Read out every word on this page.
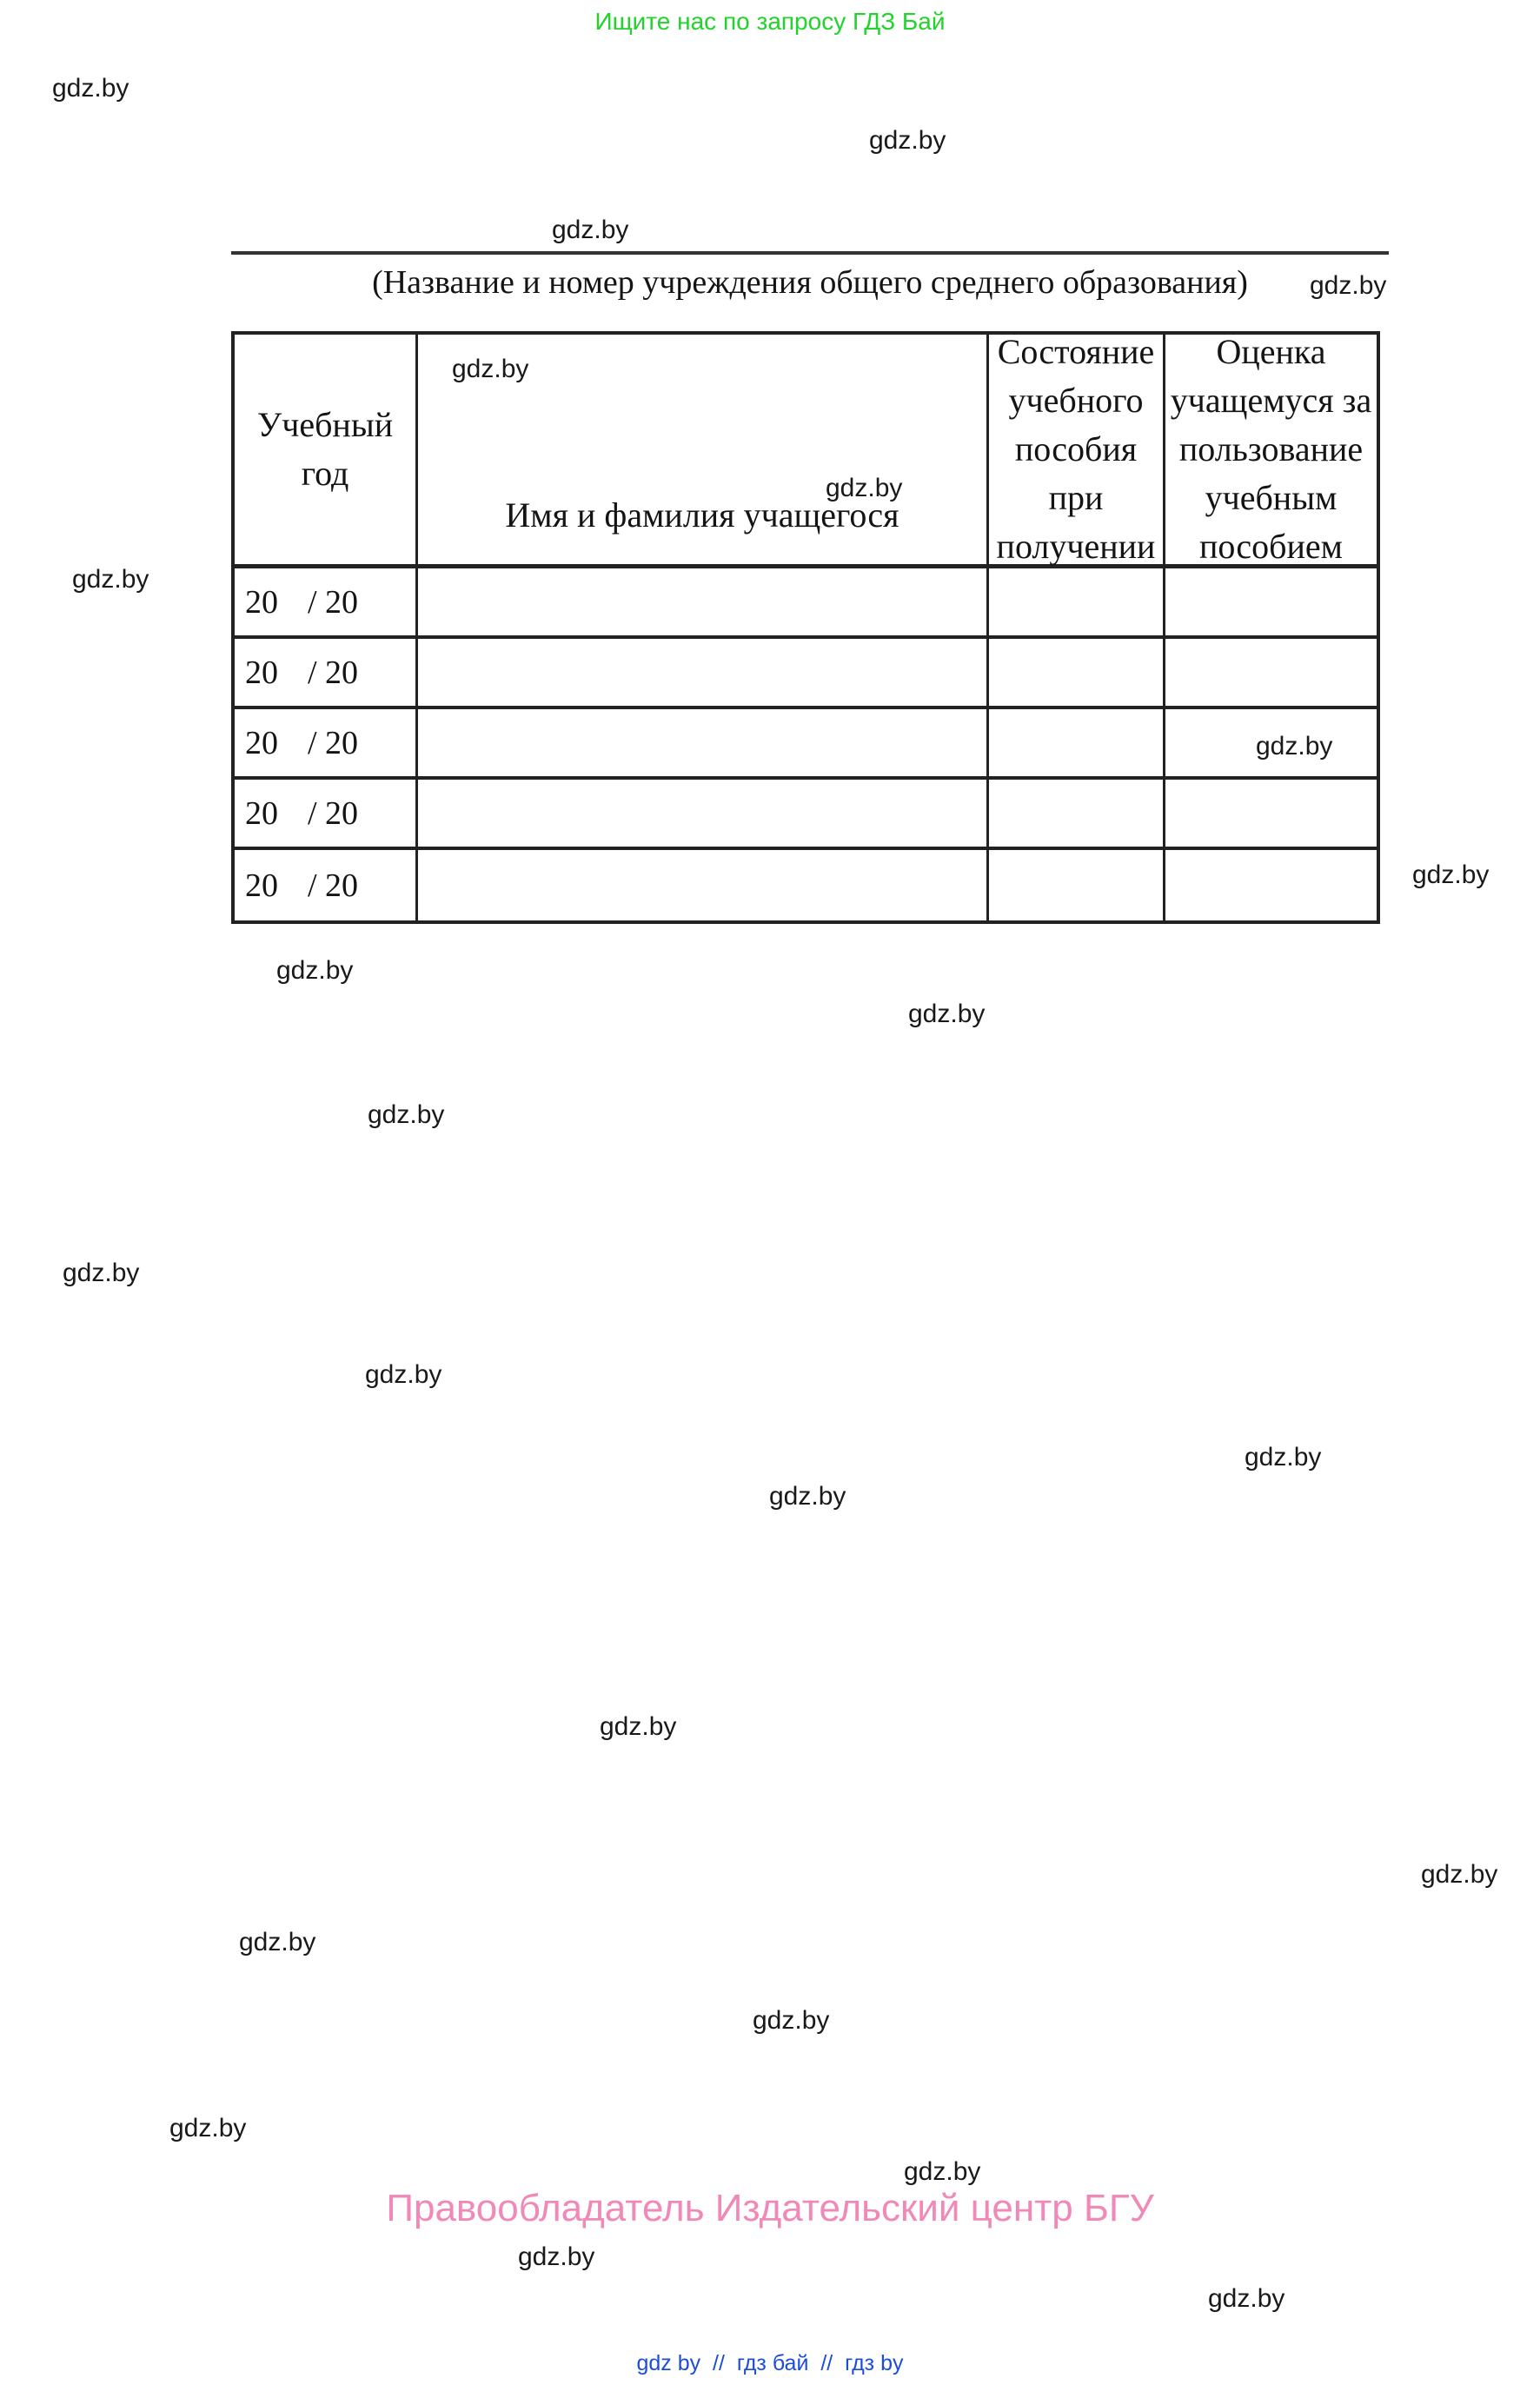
Ищите нас по запросу ГДЗ Бай
(Название и номер учреждения общего среднего образования)
Учебный год
Имя и фамилия учащегося
Состояние учебного пособия при получении
Оценка учащемуся за пользование учебным пособием
20 / 20
20 / 20
20 / 20
20 / 20
20 / 20
Правообладатель Издательский центр БГУ
gdz by  //  гдз бай  //  гдз by
gdz.by
gdz.by
gdz.by
gdz.by
gdz.by
gdz.by
gdz.by
gdz.by
gdz.by
gdz.by
gdz.by
gdz.by
gdz.by
gdz.by
gdz.by
gdz.by
gdz.by
gdz.by
gdz.by
gdz.by
gdz.by
gdz.by
gdz.by
gdz.by
